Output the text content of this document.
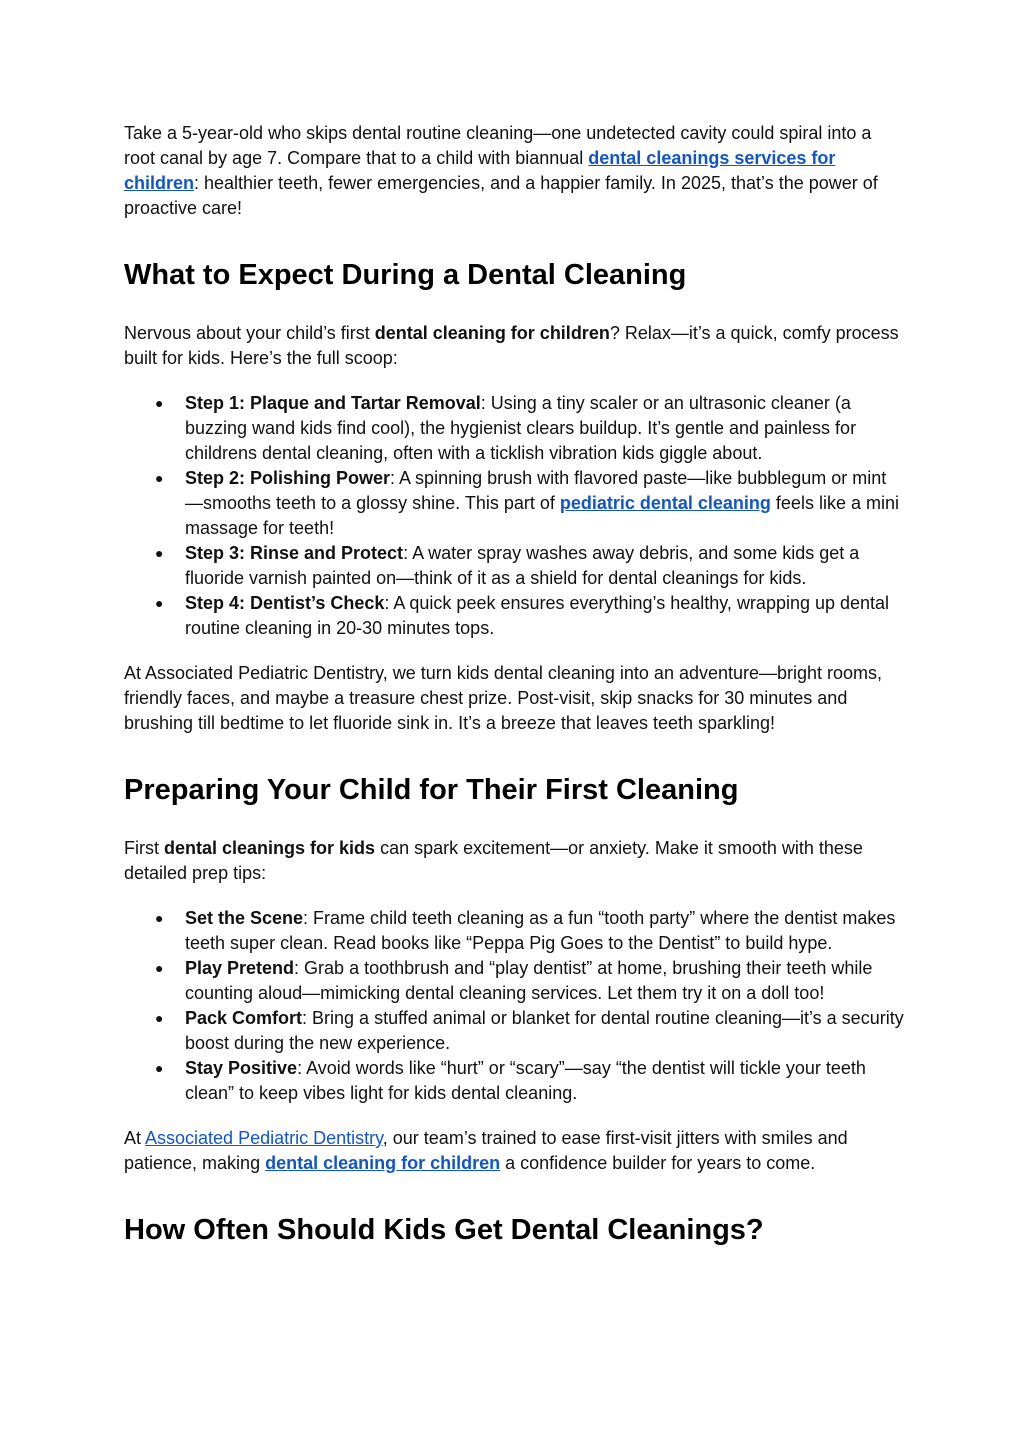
Take a 5-year-old who skips dental routine cleaning—one undetected cavity could spiral into a root canal by age 7. Compare that to a child with biannual dental cleanings services for children: healthier teeth, fewer emergencies, and a happier family. In 2025, that’s the power of proactive care!

What to Expect During a Dental Cleaning

Nervous about your child’s first dental cleaning for children? Relax—it’s a quick, comfy process built for kids. Here’s the full scoop:

● Step 1: Plaque and Tartar Removal: Using a tiny scaler or an ultrasonic cleaner (a buzzing wand kids find cool), the hygienist clears buildup. It’s gentle and painless for childrens dental cleaning, often with a ticklish vibration kids giggle about.
● Step 2: Polishing Power: A spinning brush with flavored paste—like bubblegum or mint—smooths teeth to a glossy shine. This part of pediatric dental cleaning feels like a mini massage for teeth!
● Step 3: Rinse and Protect: A water spray washes away debris, and some kids get a fluoride varnish painted on—think of it as a shield for dental cleanings for kids.
● Step 4: Dentist’s Check: A quick peek ensures everything’s healthy, wrapping up dental routine cleaning in 20-30 minutes tops.

At Associated Pediatric Dentistry, we turn kids dental cleaning into an adventure—bright rooms, friendly faces, and maybe a treasure chest prize. Post-visit, skip snacks for 30 minutes and brushing till bedtime to let fluoride sink in. It’s a breeze that leaves teeth sparkling!

Preparing Your Child for Their First Cleaning

First dental cleanings for kids can spark excitement—or anxiety. Make it smooth with these detailed prep tips:

● Set the Scene: Frame child teeth cleaning as a fun “tooth party” where the dentist makes teeth super clean. Read books like “Peppa Pig Goes to the Dentist” to build hype.
● Play Pretend: Grab a toothbrush and “play dentist” at home, brushing their teeth while counting aloud—mimicking dental cleaning services. Let them try it on a doll too!
● Pack Comfort: Bring a stuffed animal or blanket for dental routine cleaning—it’s a security boost during the new experience.
● Stay Positive: Avoid words like “hurt” or “scary”—say “the dentist will tickle your teeth clean” to keep vibes light for kids dental cleaning.

At Associated Pediatric Dentistry, our team’s trained to ease first-visit jitters with smiles and patience, making dental cleaning for children a confidence builder for years to come.

How Often Should Kids Get Dental Cleanings?
